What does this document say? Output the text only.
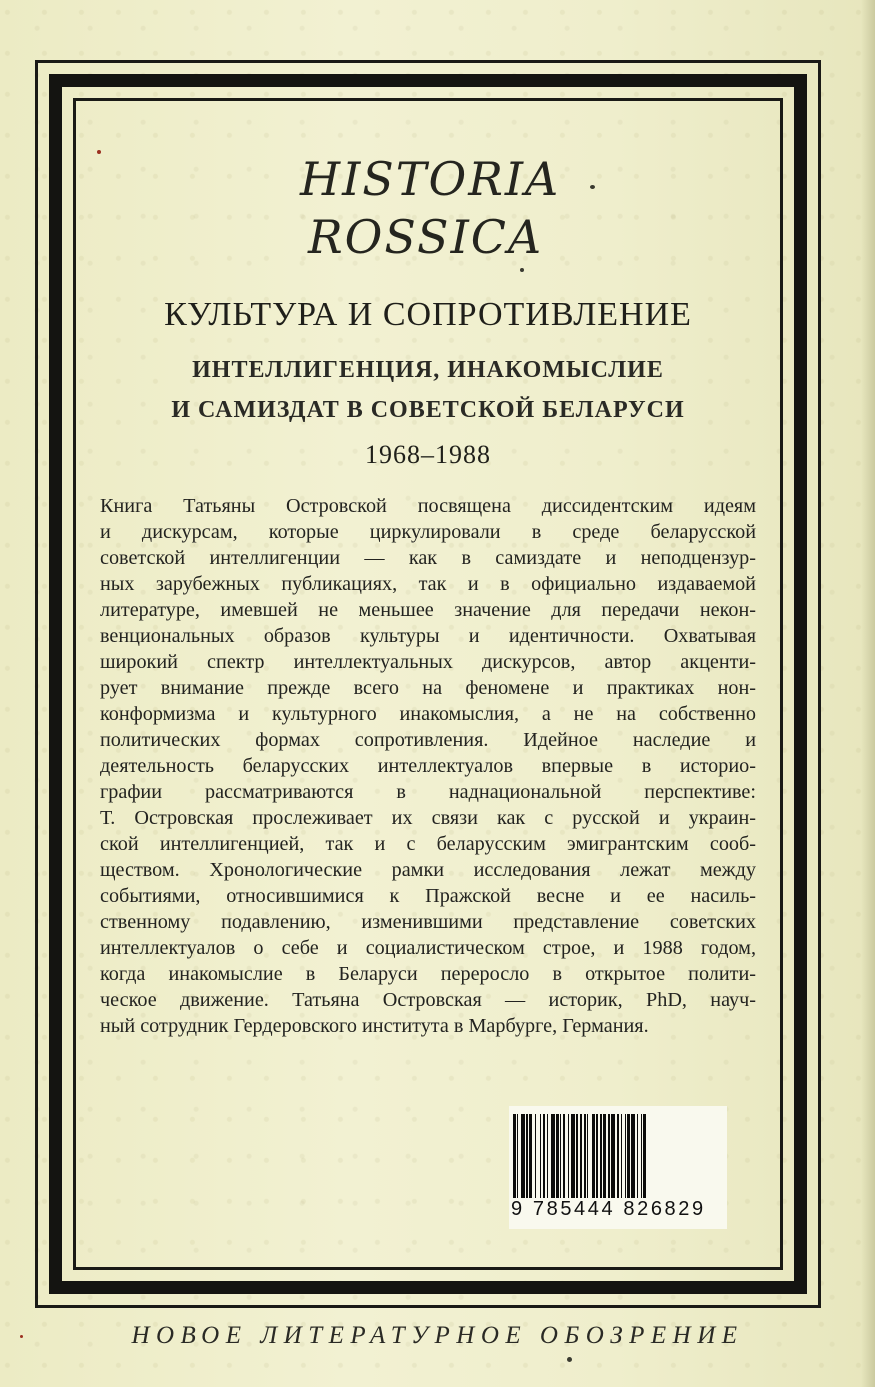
HISTORIA
ROSSICA
КУЛЬТУРА И СОПРОТИВЛЕНИЕ
ИНТЕЛЛИГЕНЦИЯ, ИНАКОМЫСЛИЕ
И САМИЗДАТ В СОВЕТСКОЙ БЕЛАРУСИ
1968–1988
Книга Татьяны Островской посвящена диссидентским идеям
и дискурсам, которые циркулировали в среде беларусской
советской интеллигенции — как в самиздате и неподцензур-
ных зарубежных публикациях, так и в официально издаваемой
литературе, имевшей не меньшее значение для передачи некон-
венциональных образов культуры и идентичности. Охватывая
широкий спектр интеллектуальных дискурсов, автор акценти-
рует внимание прежде всего на феномене и практиках нон-
конформизма и культурного инакомыслия, а не на собственно
политических формах сопротивления. Идейное наследие и
деятельность беларусских интеллектуалов впервые в историо-
графии рассматриваются в наднациональной перспективе:
Т. Островская прослеживает их связи как с русской и украин-
ской интеллигенцией, так и с беларусским эмигрантским сооб-
ществом. Хронологические рамки исследования лежат между
событиями, относившимися к Пражской весне и ее насиль-
ственному подавлению, изменившими представление советских
интеллектуалов о себе и социалистическом строе, и 1988 годом,
когда инакомыслие в Беларуси переросло в открытое полити-
ческое движение. Татьяна Островская — историк, PhD, науч-
ный сотрудник Гердеровского института в Марбурге, Германия.
9 785444 826829
НОВОЕ ЛИТЕРАТУРНОЕ ОБОЗРЕНИЕ
